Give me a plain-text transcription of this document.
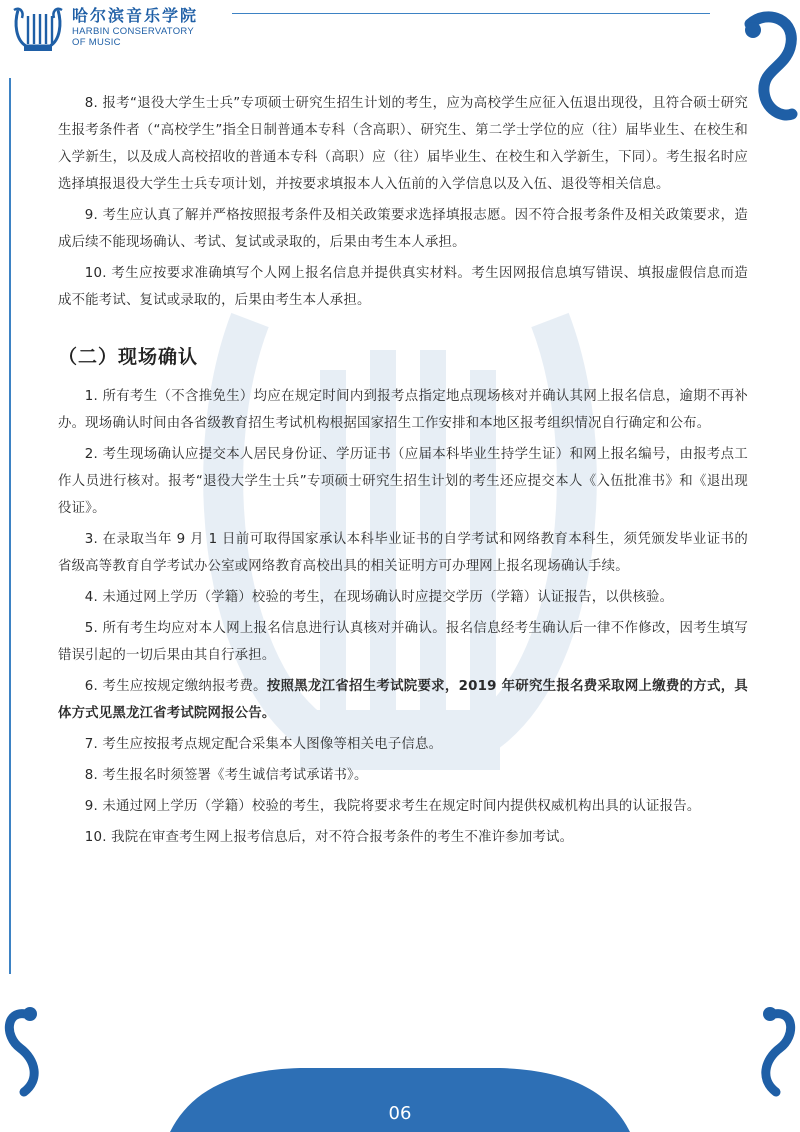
哈尔滨音乐学院
HARBIN CONSERVATORY
OF MUSIC

8. 报考“退役大学生士兵”专项硕士研究生招生计划的考生，应为高校学生应征入伍退出现役，且符合硕士研究生报考条件者（“高校学生”指全日制普通本专科（含高职）、研究生、第二学士学位的应（往）届毕业生、在校生和入学新生，以及成人高校招收的普通本专科（高职）应（往）届毕业生、在校生和入学新生，下同）。考生报名时应选择填报退役大学生士兵专项计划，并按要求填报本人入伍前的入学信息以及入伍、退役等相关信息。

9. 考生应认真了解并严格按照报考条件及相关政策要求选择填报志愿。因不符合报考条件及相关政策要求，造成后续不能现场确认、考试、复试或录取的，后果由考生本人承担。

10. 考生应按要求准确填写个人网上报名信息并提供真实材料。考生因网报信息填写错误、填报虚假信息而造成不能考试、复试或录取的，后果由考生本人承担。

（二）现场确认

1. 所有考生（不含推免生）均应在规定时间内到报考点指定地点现场核对并确认其网上报名信息，逾期不再补办。现场确认时间由各省级教育招生考试机构根据国家招生工作安排和本地区报考组织情况自行确定和公布。

2. 考生现场确认应提交本人居民身份证、学历证书（应届本科毕业生持学生证）和网上报名编号，由报考点工作人员进行核对。报考“退役大学生士兵”专项硕士研究生招生计划的考生还应提交本人《入伍批准书》和《退出现役证》。

3. 在录取当年 9 月 1 日前可取得国家承认本科毕业证书的自学考试和网络教育本科生，须凭颁发毕业证书的省级高等教育自学考试办公室或网络教育高校出具的相关证明方可办理网上报名现场确认手续。

4. 未通过网上学历（学籍）校验的考生，在现场确认时应提交学历（学籍）认证报告，以供核验。

5. 所有考生均应对本人网上报名信息进行认真核对并确认。报名信息经考生确认后一律不作修改，因考生填写错误引起的一切后果由其自行承担。

6. 考生应按规定缴纳报考费。按照黑龙江省招生考试院要求，2019 年研究生报名费采取网上缴费的方式，具体方式见黑龙江省考试院网报公告。

7. 考生应按报考点规定配合采集本人图像等相关电子信息。

8. 考生报名时须签署《考生诚信考试承诺书》。

9. 未通过网上学历（学籍）校验的考生，我院将要求考生在规定时间内提供权威机构出具的认证报告。

10. 我院在审查考生网上报考信息后，对不符合报考条件的考生不准许参加考试。

06
